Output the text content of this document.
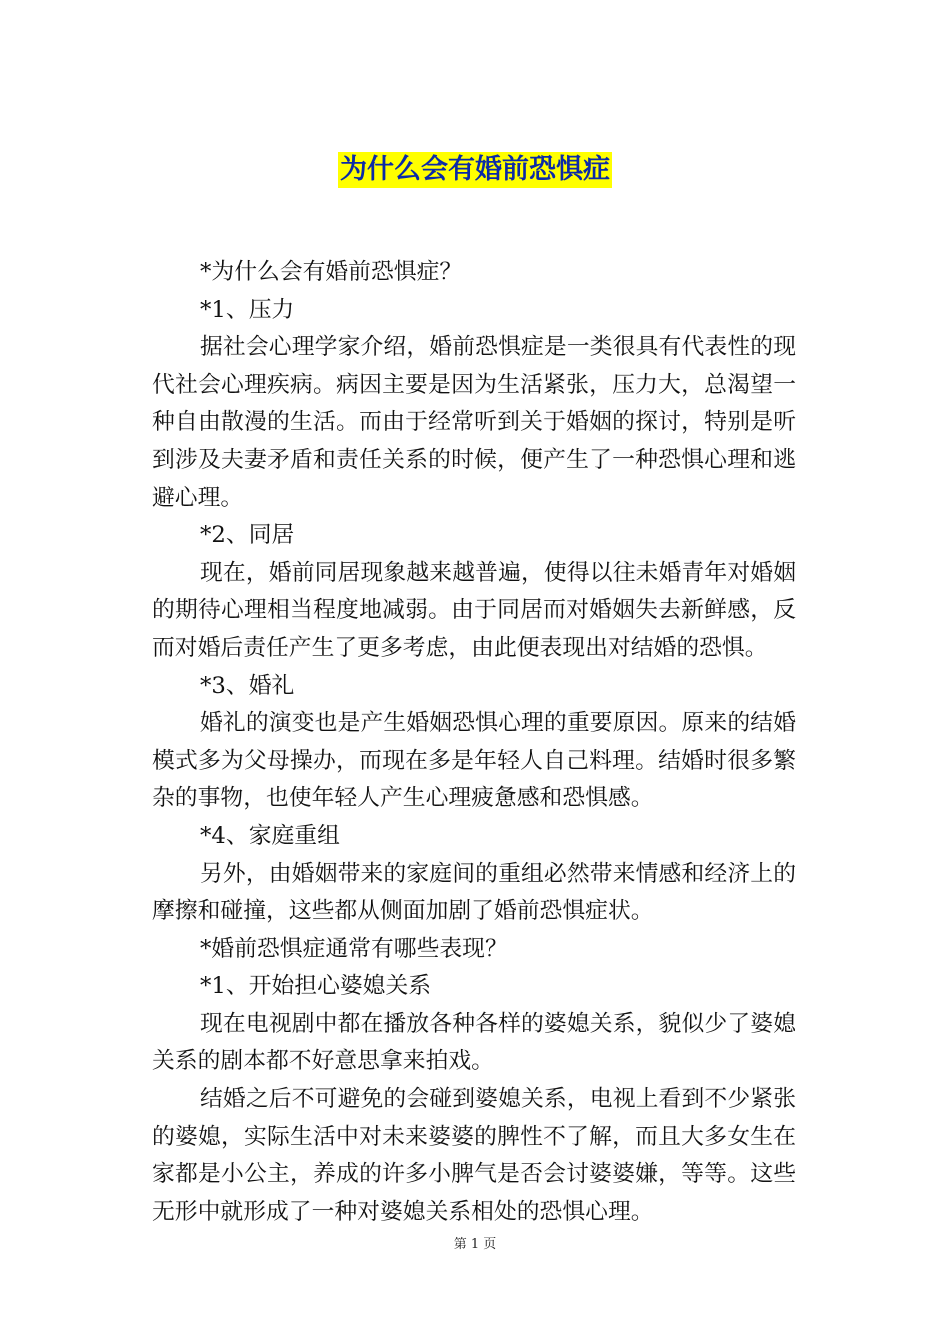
为什么会有婚前恐惧症

*为什么会有婚前恐惧症？

*1、压力

据社会心理学家介绍，婚前恐惧症是一类很具有代表性的现代社会心理疾病。病因主要是因为生活紧张，压力大，总渴望一种自由散漫的生活。而由于经常听到关于婚姻的探讨，特别是听到涉及夫妻矛盾和责任关系的时候，便产生了一种恐惧心理和逃避心理。

*2、同居

现在，婚前同居现象越来越普遍，使得以往未婚青年对婚姻的期待心理相当程度地减弱。由于同居而对婚姻失去新鲜感，反而对婚后责任产生了更多考虑，由此便表现出对结婚的恐惧。

*3、婚礼

婚礼的演变也是产生婚姻恐惧心理的重要原因。原来的结婚模式多为父母操办，而现在多是年轻人自己料理。结婚时很多繁杂的事物，也使年轻人产生心理疲惫感和恐惧感。

*4、家庭重组

另外，由婚姻带来的家庭间的重组必然带来情感和经济上的摩擦和碰撞，这些都从侧面加剧了婚前恐惧症状。

*婚前恐惧症通常有哪些表现？

*1、开始担心婆媳关系

现在电视剧中都在播放各种各样的婆媳关系，貌似少了婆媳关系的剧本都不好意思拿来拍戏。

结婚之后不可避免的会碰到婆媳关系，电视上看到不少紧张的婆媳，实际生活中对未来婆婆的脾性不了解，而且大多女生在家都是小公主，养成的许多小脾气是否会讨婆婆嫌，等等。这些无形中就形成了一种对婆媳关系相处的恐惧心理。

第 1 页
